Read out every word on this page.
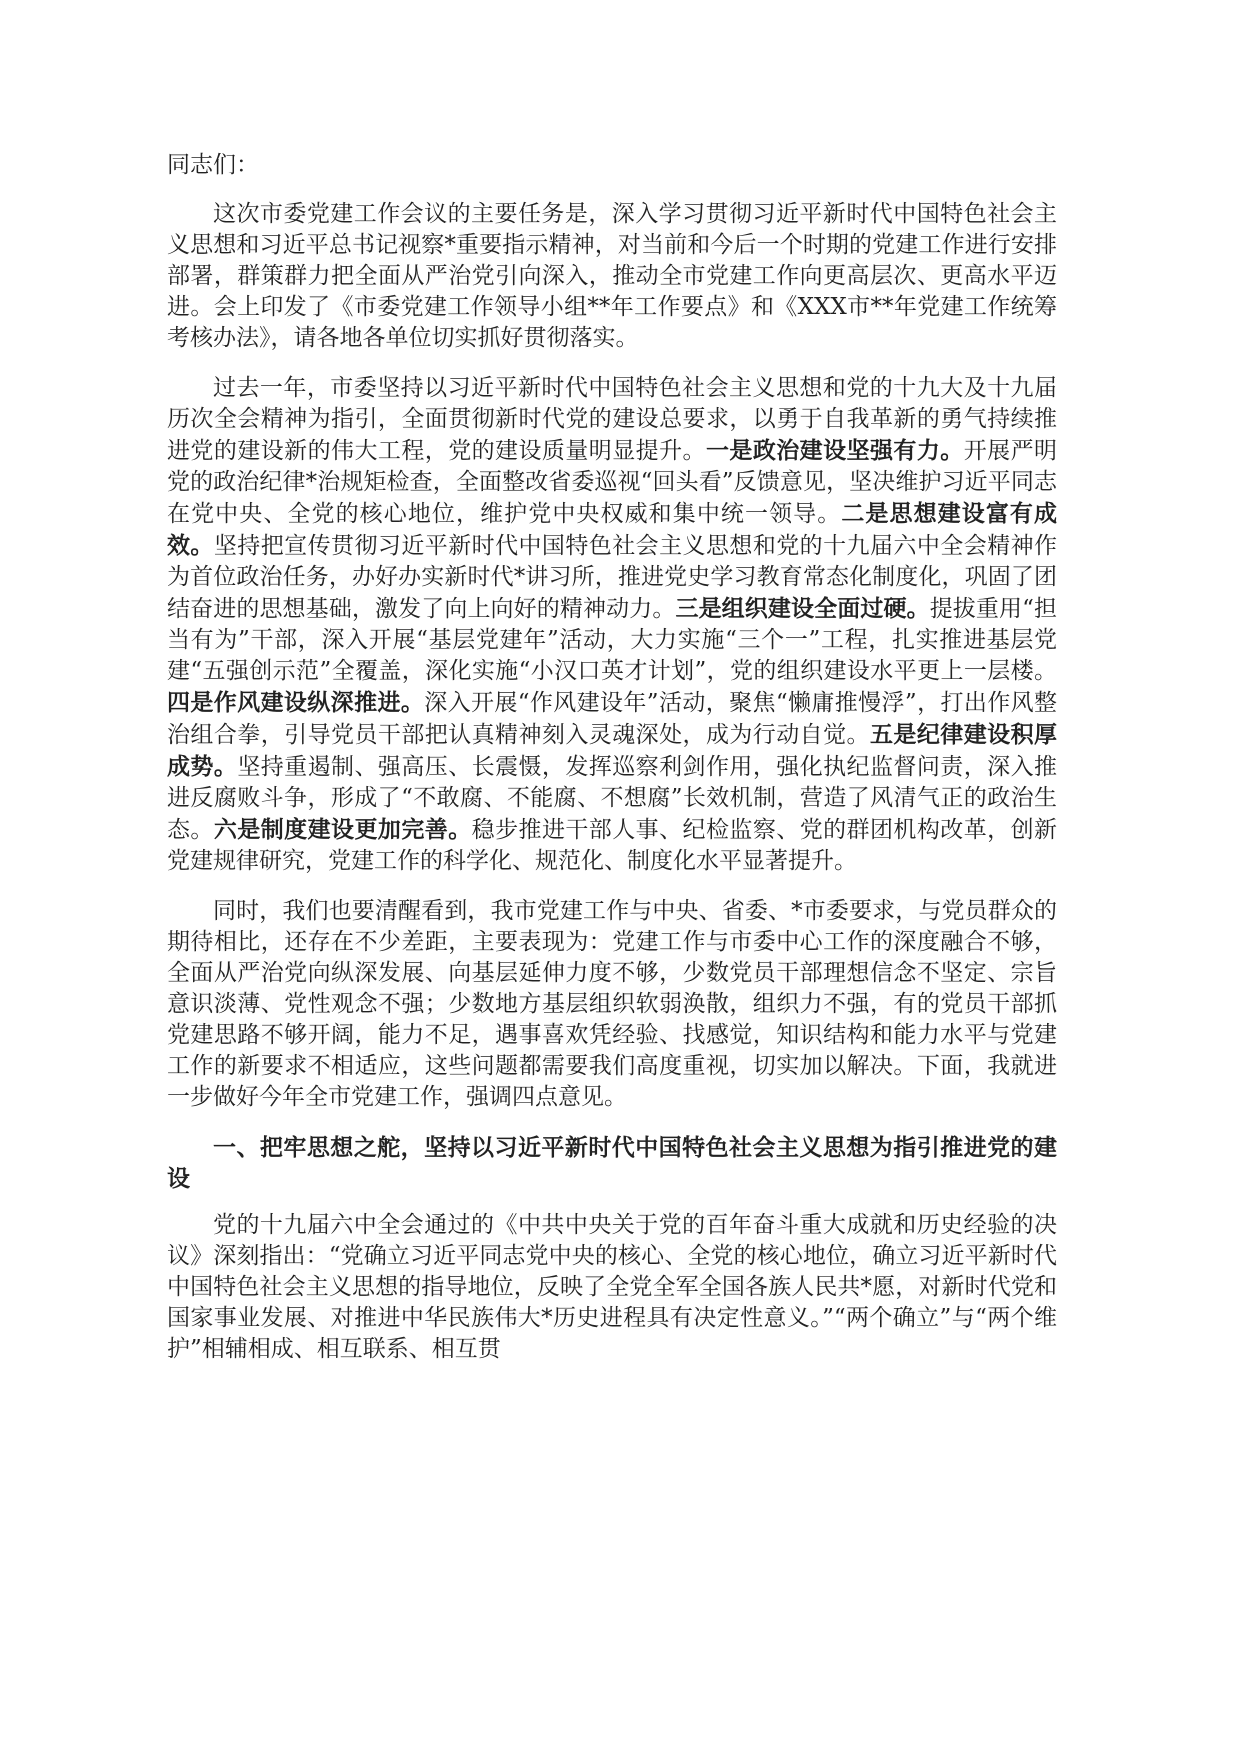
同志们：

这次市委党建工作会议的主要任务是，深入学习贯彻习近平新时代中国特色社会主义思想和习近平总书记视察*重要指示精神，对当前和今后一个时期的党建工作进行安排部署，群策群力把全面从严治党引向深入，推动全市党建工作向更高层次、更高水平迈进。会上印发了《市委党建工作领导小组**年工作要点》和《XXX市**年党建工作统筹考核办法》，请各地各单位切实抓好贯彻落实。

过去一年，市委坚持以习近平新时代中国特色社会主义思想和党的十九大及十九届历次全会精神为指引，全面贯彻新时代党的建设总要求，以勇于自我革新的勇气持续推进党的建设新的伟大工程，党的建设质量明显提升。一是政治建设坚强有力。开展严明党的政治纪律*治规矩检查，全面整改省委巡视“回头看”反馈意见，坚决维护习近平同志在党中央、全党的核心地位，维护党中央权威和集中统一领导。二是思想建设富有成效。坚持把宣传贯彻习近平新时代中国特色社会主义思想和党的十九届六中全会精神作为首位政治任务，办好办实新时代*讲习所，推进党史学习教育常态化制度化，巩固了团结奋进的思想基础，激发了向上向好的精神动力。三是组织建设全面过硬。提拔重用“担当有为”干部，深入开展“基层党建年”活动，大力实施“三个一”工程，扎实推进基层党建“五强创示范”全覆盖，深化实施“小汉口英才计划”，党的组织建设水平更上一层楼。四是作风建设纵深推进。深入开展“作风建设年”活动，聚焦“懒庸推慢浮”，打出作风整治组合拳，引导党员干部把认真精神刻入灵魂深处，成为行动自觉。五是纪律建设积厚成势。坚持重遏制、强高压、长震慑，发挥巡察利剑作用，强化执纪监督问责，深入推进反腐败斗争，形成了“不敢腐、不能腐、不想腐”长效机制，营造了风清气正的政治生态。六是制度建设更加完善。稳步推进干部人事、纪检监察、党的群团机构改革，创新党建规律研究，党建工作的科学化、规范化、制度化水平显著提升。

同时，我们也要清醒看到，我市党建工作与中央、省委、*市委要求，与党员群众的期待相比，还存在不少差距，主要表现为：党建工作与市委中心工作的深度融合不够，全面从严治党向纵深发展、向基层延伸力度不够，少数党员干部理想信念不坚定、宗旨意识淡薄、党性观念不强；少数地方基层组织软弱涣散，组织力不强，有的党员干部抓党建思路不够开阔，能力不足，遇事喜欢凭经验、找感觉，知识结构和能力水平与党建工作的新要求不相适应，这些问题都需要我们高度重视，切实加以解决。下面，我就进一步做好今年全市党建工作，强调四点意见。

一、把牢思想之舵，坚持以习近平新时代中国特色社会主义思想为指引推进党的建设

党的十九届六中全会通过的《中共中央关于党的百年奋斗重大成就和历史经验的决议》深刻指出：“党确立习近平同志党中央的核心、全党的核心地位，确立习近平新时代中国特色社会主义思想的指导地位，反映了全党全军全国各族人民共*愿，对新时代党和国家事业发展、对推进中华民族伟大*历史进程具有决定性意义。”“两个确立”与“两个维护”相辅相成、相互联系、相互贯
